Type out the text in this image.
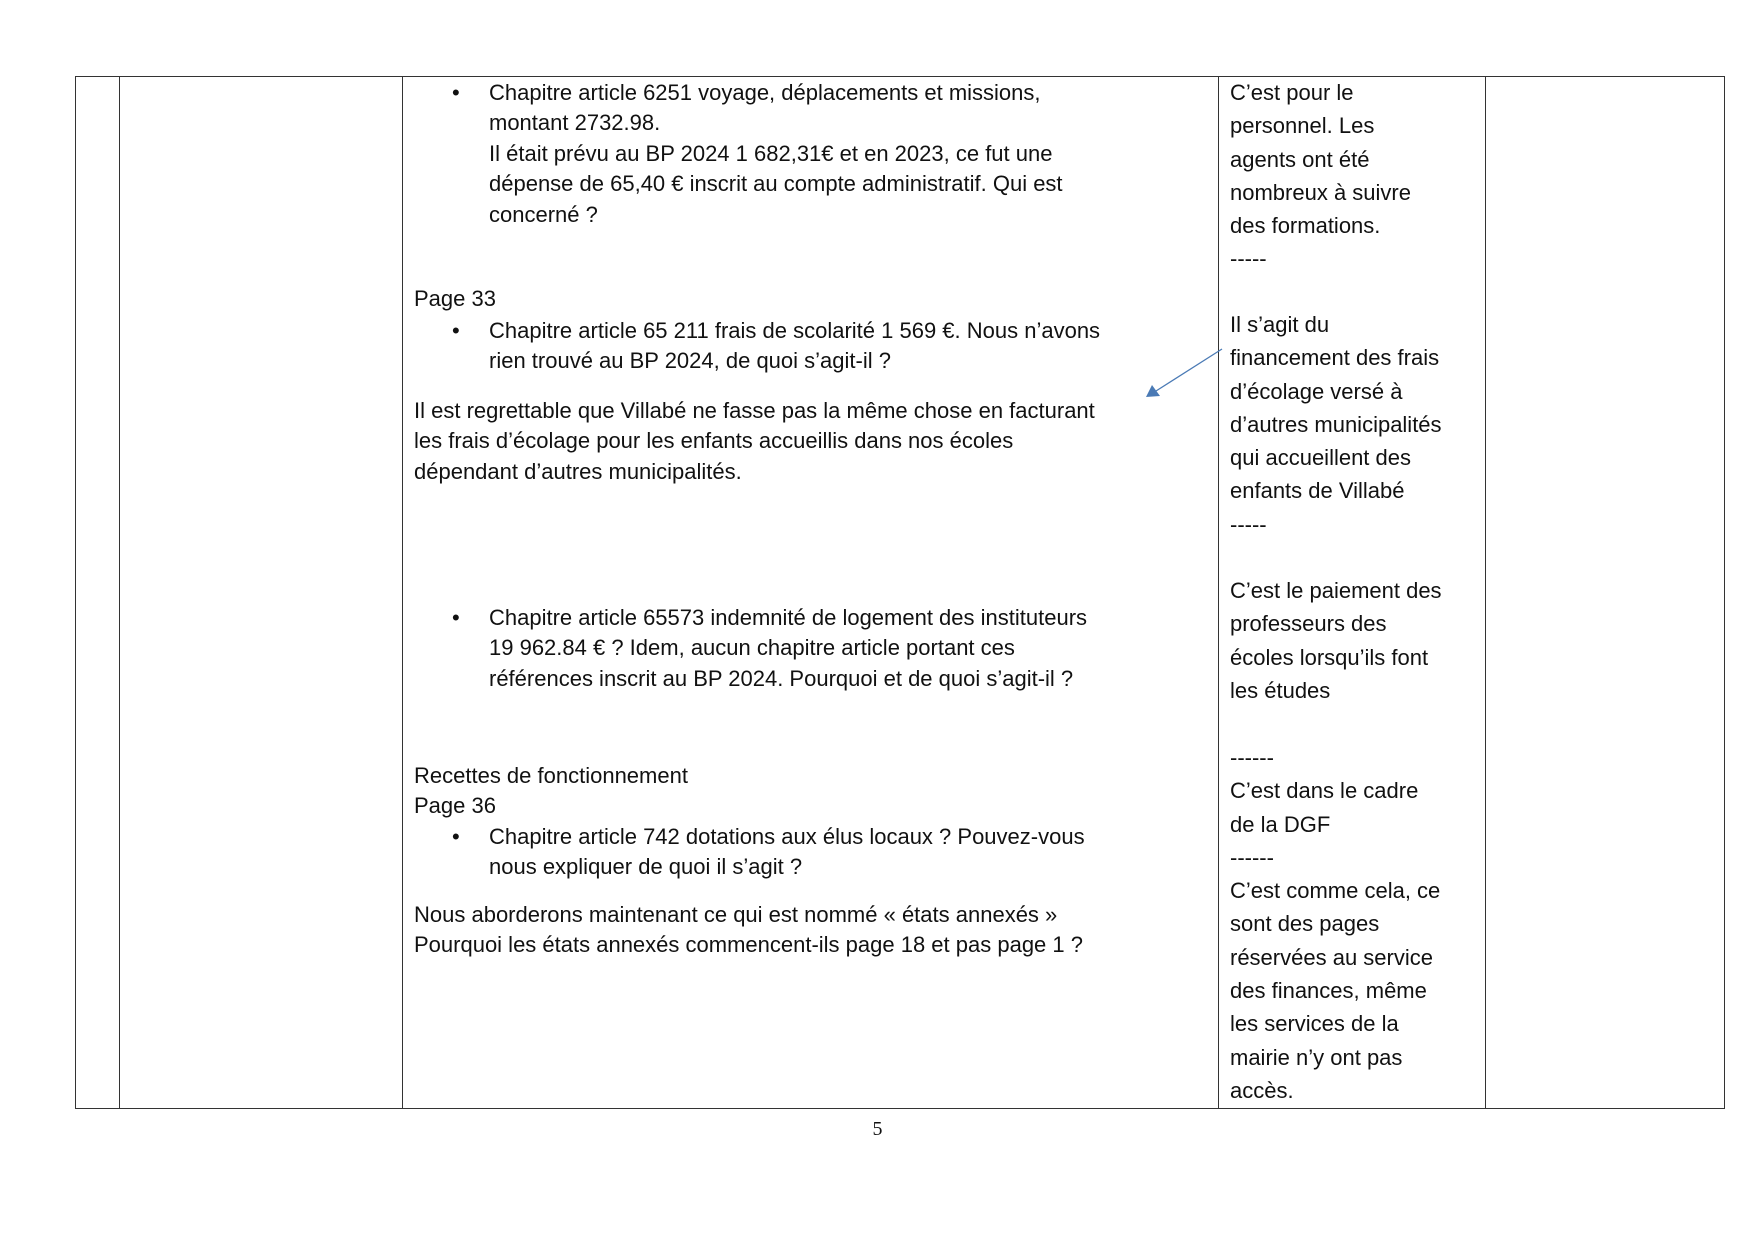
• Chapitre article 6251 voyage, déplacements et missions,
montant 2732.98.
Il était prévu au BP 2024 1 682,31€ et en 2023, ce fut une
dépense de 65,40 € inscrit au compte administratif. Qui est
concerné ?
Page 33
• Chapitre article 65 211 frais de scolarité 1 569 €. Nous n’avons
rien trouvé au BP 2024, de quoi s’agit-il ?
Il est regrettable que Villabé ne fasse pas la même chose en facturant
les frais d’écolage pour les enfants accueillis dans nos écoles
dépendant d’autres municipalités.
• Chapitre article 65573 indemnité de logement des instituteurs
19 962.84 € ? Idem, aucun chapitre article portant ces
références inscrit au BP 2024. Pourquoi et de quoi s’agit-il ?
Recettes de fonctionnement
Page 36
• Chapitre article 742 dotations aux élus locaux ? Pouvez-vous
nous expliquer de quoi il s’agit ?
Nous aborderons maintenant ce qui est nommé « états annexés »
Pourquoi les états annexés commencent-ils page 18 et pas page 1 ?
C’est pour le
personnel. Les
agents ont été
nombreux à suivre
des formations.
-----
Il s’agit du
financement des frais
d’écolage versé à
d’autres municipalités
qui accueillent des
enfants de Villabé
-----
C’est le paiement des
professeurs des
écoles lorsqu’ils font
les études
------
C’est dans le cadre
de la DGF
------
C’est comme cela, ce
sont des pages
réservées au service
des finances, même
les services de la
mairie n’y ont pas
accès.
5
